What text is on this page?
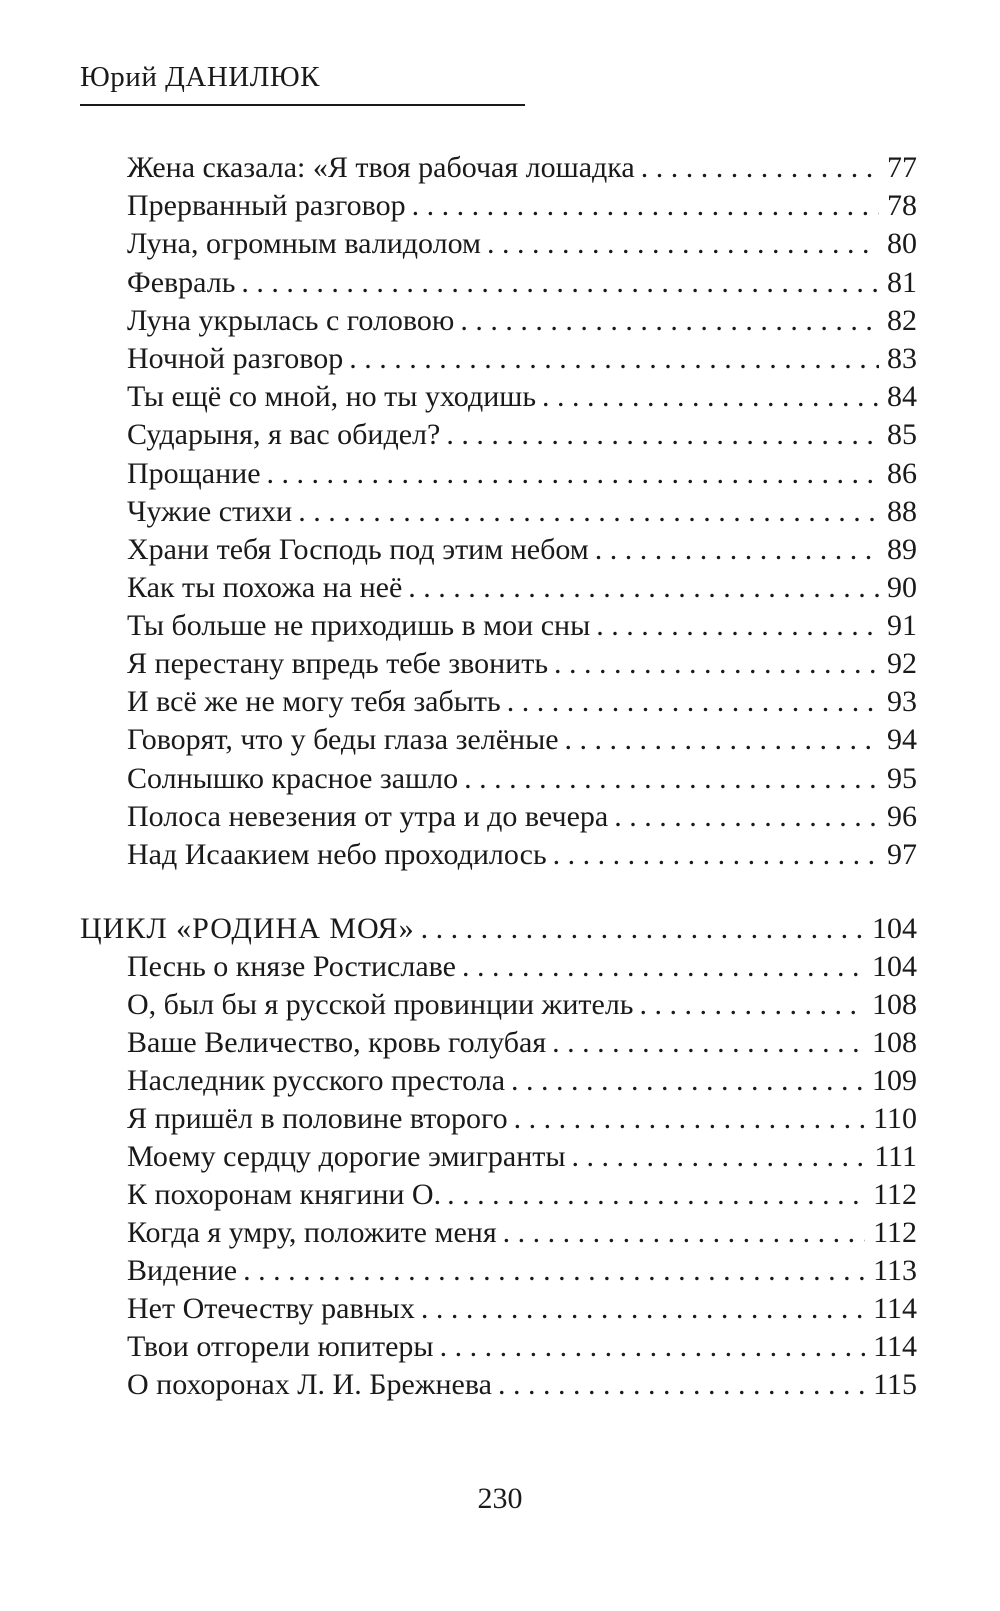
Юрий ДАНИЛЮК
Жена сказала: «Я твоя рабочая лошадка . . .	77
Прерванный разговор . . .	78
Луна, огромным валидолом . . .	80
Февраль . . .	81
Луна укрылась с головою . . .	82
Ночной разговор . . .	83
Ты ещё со мной, но ты уходишь . . .	84
Сударыня, я вас обидел? . . .	85
Прощание . . .	86
Чужие стихи . . .	88
Храни тебя Господь под этим небом . . .	89
Как ты похожа на неё . . .	90
Ты больше не приходишь в мои сны . . .	91
Я перестану впредь тебе звонить . . .	92
И всё же не могу тебя забыть . . .	93
Говорят, что у беды глаза зелёные . . .	94
Солнышко красное зашло . . .	95
Полоса невезения от утра и до вечера . . .	96
Над Исаакием небо проходилось . . .	97
ЦИКЛ «РОДИНА МОЯ» . . .	104
Песнь о князе Ростиславе . . .	104
О, был бы я русской провинции житель . . .	108
Ваше Величество, кровь голубая . . .	108
Наследник русского престола . . .	109
Я пришёл в половине второго . . .	110
Моему сердцу дорогие эмигранты . . .	111
К похоронам княгини О. . . .	112
Когда я умру, положите меня . . .	112
Видение . . .	113
Нет Отечеству равных . . .	114
Твои отгорели юпитеры . . .	114
О похоронах Л. И. Брежнева . . .	115
230
